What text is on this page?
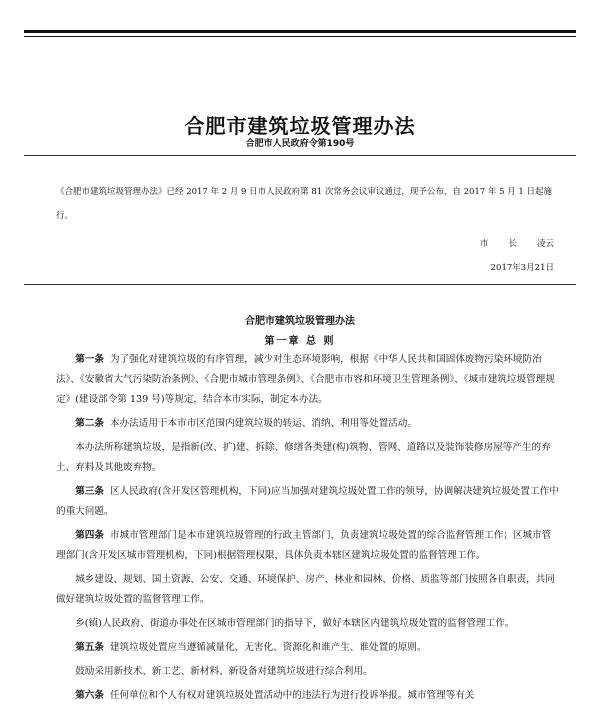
合肥市建筑垃圾管理办法
合肥市人民政府令第190号
《合肥市建筑垃圾管理办法》已经 2017 年 2 月 9 日市人民政府第 81 次常务会议审议通过，现予公布，自 2017 年 5 月 1 日起施行。
市长凌云
2017年3月21日
合肥市建筑垃圾管理办法
第一章 总 则

第一条 为了强化对建筑垃圾的有序管理，减少对生态环境影响，根据《中华人民共和国固体废物污染环境防治法》、《安徽省大气污染防治条例》、《合肥市城市管理条例》、《合肥市市容和环境卫生管理条例》、《城市建筑垃圾管理规定》(建设部令第 139 号)等规定，结合本市实际，制定本办法。

第二条 本办法适用于本市市区范围内建筑垃圾的转运、消纳、利用等处置活动。

本办法所称建筑垃圾，是指新(改、扩)建、拆除、修缮各类建(构)筑物、管网、道路以及装饰装修房屋等产生的弃土、弃料及其他废弃物。

第三条 区人民政府(含开发区管理机构，下同)应当加强对建筑垃圾处置工作的领导，协调解决建筑垃圾处置工作中的重大问题。

第四条 市城市管理部门是本市建筑垃圾管理的行政主管部门，负责建筑垃圾处置的综合监督管理工作；区城市管理部门(含开发区城市管理机构，下同)根据管理权限，具体负责本辖区建筑垃圾处置的监督管理工作。

城乡建设、规划、国土资源、公安、交通、环境保护、房产、林业和园林、价格、质监等部门按照各自职责，共同做好建筑垃圾处置的监督管理工作。

乡(镇)人民政府、街道办事处在区城市管理部门的指导下，做好本辖区内建筑垃圾处置的监督管理工作。

第五条 建筑垃圾处置应当遵循减量化、无害化、资源化和谁产生、谁处置的原则。

鼓励采用新技术、新工艺、新材料、新设备对建筑垃圾进行综合利用。

第六条 任何单位和个人有权对建筑垃圾处置活动中的违法行为进行投诉举报。城市管理等有关
